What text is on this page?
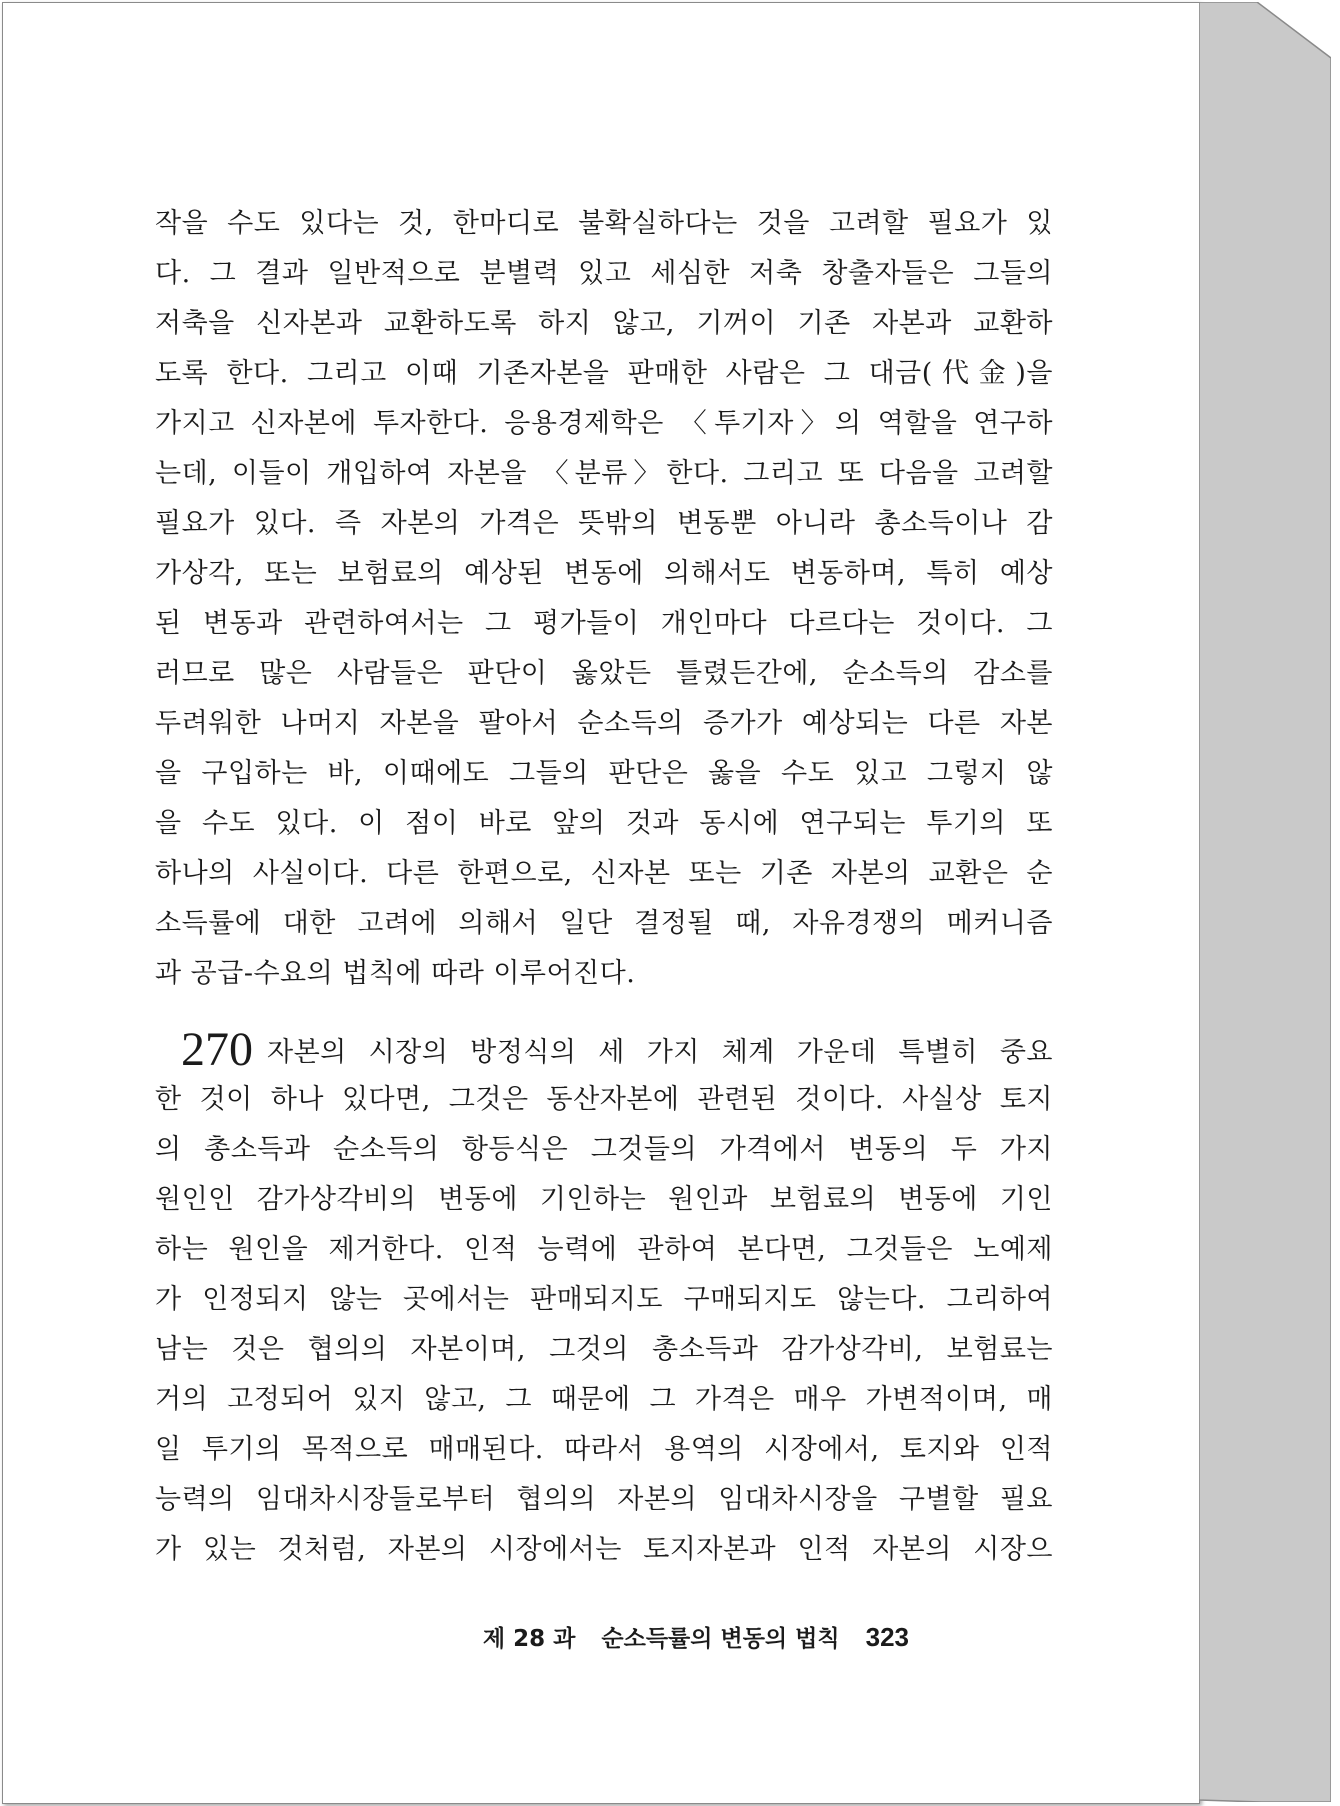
작을 수도 있다는 것, 한마디로 불확실하다는 것을 고려할 필요가 있
다. 그 결과 일반적으로 분별력 있고 세심한 저축 창출자들은 그들의
저축을 신자본과 교환하도록 하지 않고, 기꺼이 기존 자본과 교환하
도록 한다. 그리고 이때 기존자본을 판매한 사람은 그 대금(代金)을
가지고 신자본에 투자한다. 응용경제학은 〈투기자〉의 역할을 연구하
는데, 이들이 개입하여 자본을 〈분류〉한다. 그리고 또 다음을 고려할
필요가 있다. 즉 자본의 가격은 뜻밖의 변동뿐 아니라 총소득이나 감
가상각, 또는 보험료의 예상된 변동에 의해서도 변동하며, 특히 예상
된 변동과 관련하여서는 그 평가들이 개인마다 다르다는 것이다. 그
러므로 많은 사람들은 판단이 옳았든 틀렸든간에, 순소득의 감소를
두려워한 나머지 자본을 팔아서 순소득의 증가가 예상되는 다른 자본
을 구입하는 바, 이때에도 그들의 판단은 옳을 수도 있고 그렇지 않
을 수도 있다. 이 점이 바로 앞의 것과 동시에 연구되는 투기의 또
하나의 사실이다. 다른 한편으로, 신자본 또는 기존 자본의 교환은 순
소득률에 대한 고려에 의해서 일단 결정될 때, 자유경쟁의 메커니즘
과 공급-수요의 법칙에 따라 이루어진다.
270 자본의 시장의 방정식의 세 가지 체계 가운데 특별히 중요
한 것이 하나 있다면, 그것은 동산자본에 관련된 것이다. 사실상 토지
의 총소득과 순소득의 항등식은 그것들의 가격에서 변동의 두 가지
원인인 감가상각비의 변동에 기인하는 원인과 보험료의 변동에 기인
하는 원인을 제거한다. 인적 능력에 관하여 본다면, 그것들은 노예제
가 인정되지 않는 곳에서는 판매되지도 구매되지도 않는다. 그리하여
남는 것은 협의의 자본이며, 그것의 총소득과 감가상각비, 보험료는
거의 고정되어 있지 않고, 그 때문에 그 가격은 매우 가변적이며, 매
일 투기의 목적으로 매매된다. 따라서 용역의 시장에서, 토지와 인적
능력의 임대차시장들로부터 협의의 자본의 임대차시장을 구별할 필요
가 있는 것처럼, 자본의 시장에서는 토지자본과 인적 자본의 시장으
제 28 과 순소득률의 변동의 법칙 323
